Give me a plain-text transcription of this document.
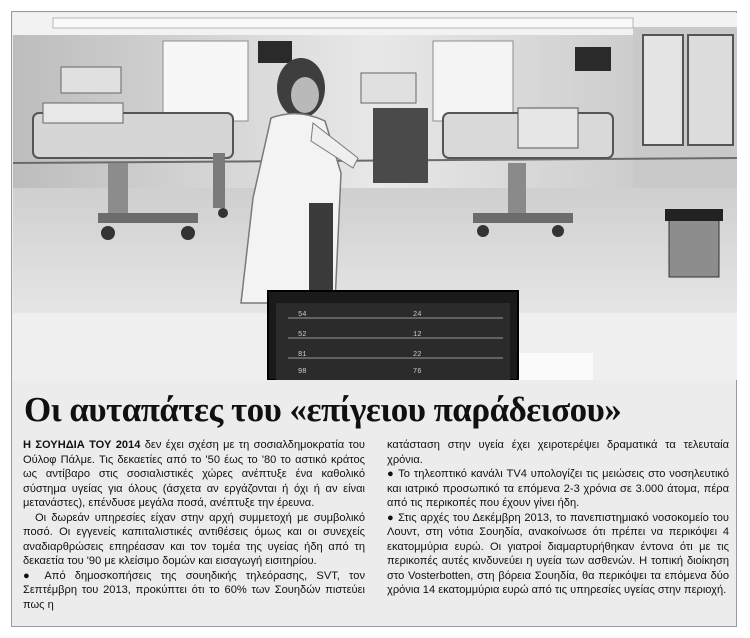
54
52
81
98
24
12
22
76
Οι αυταπάτες του «επίγειου παράδεισου»

Η ΣΟΥΗΔΙΑ ΤΟΥ 2014 δεν έχει σχέση με τη σοσιαλδημοκρατία του Ούλοφ Πάλμε. Τις δεκαετίες από το '50 έως το '80 το αστικό κράτος ως αντίβαρο στις σοσιαλιστικές χώρες ανέπτυξε ένα καθολικό σύστημα υγείας για όλους (άσχετα αν εργάζονται ή όχι ή αν είναι μετανάστες), επένδυσε μεγάλα ποσά, ανέπτυξε την έρευνα.

Οι δωρεάν υπηρεσίες είχαν στην αρχή συμμετοχή με συμβολικό ποσό. Οι εγγενείς καπιταλιστικές αντιθέσεις όμως και οι συνεχείς αναδιαρθρώσεις επηρέασαν και τον τομέα της υγείας ήδη από τη δεκαετία του '90 με κλείσιμο δομών και εισαγωγή εισιτηρίου.

● Από δημοσκοπήσεις της σουηδικής τηλεόρασης, SVT, τον Σεπτέμβρη του 2013, προκύπτει ότι το 60% των Σουηδών πιστεύει πως η

κατάσταση στην υγεία έχει χειροτερέψει δραματικά τα τελευταία χρόνια.

● Το τηλεοπτικό κανάλι TV4 υπολογίζει τις μειώσεις στο νοσηλευτικό και ιατρικό προσωπικό τα επόμενα 2-3 χρόνια σε 3.000 άτομα, πέρα από τις περικοπές που έχουν γίνει ήδη.

● Στις αρχές του Δεκέμβρη 2013, το πανεπιστημιακό νοσοκομείο του Λουντ, στη νότια Σουηδία, ανακοίνωσε ότι πρέπει να περικόψει 4 εκατομμύρια ευρώ. Οι γιατροί διαμαρτυρήθηκαν έντονα ότι με τις περικοπές αυτές κινδυνεύει η υγεία των ασθενών. Η τοπική διοίκηση στο Vosterbotten, στη βόρεια Σουηδία, θα περικόψει τα επόμενα δύο χρόνια 14 εκατομμύρια ευρώ από τις υπηρεσίες υγείας στην περιοχή.
